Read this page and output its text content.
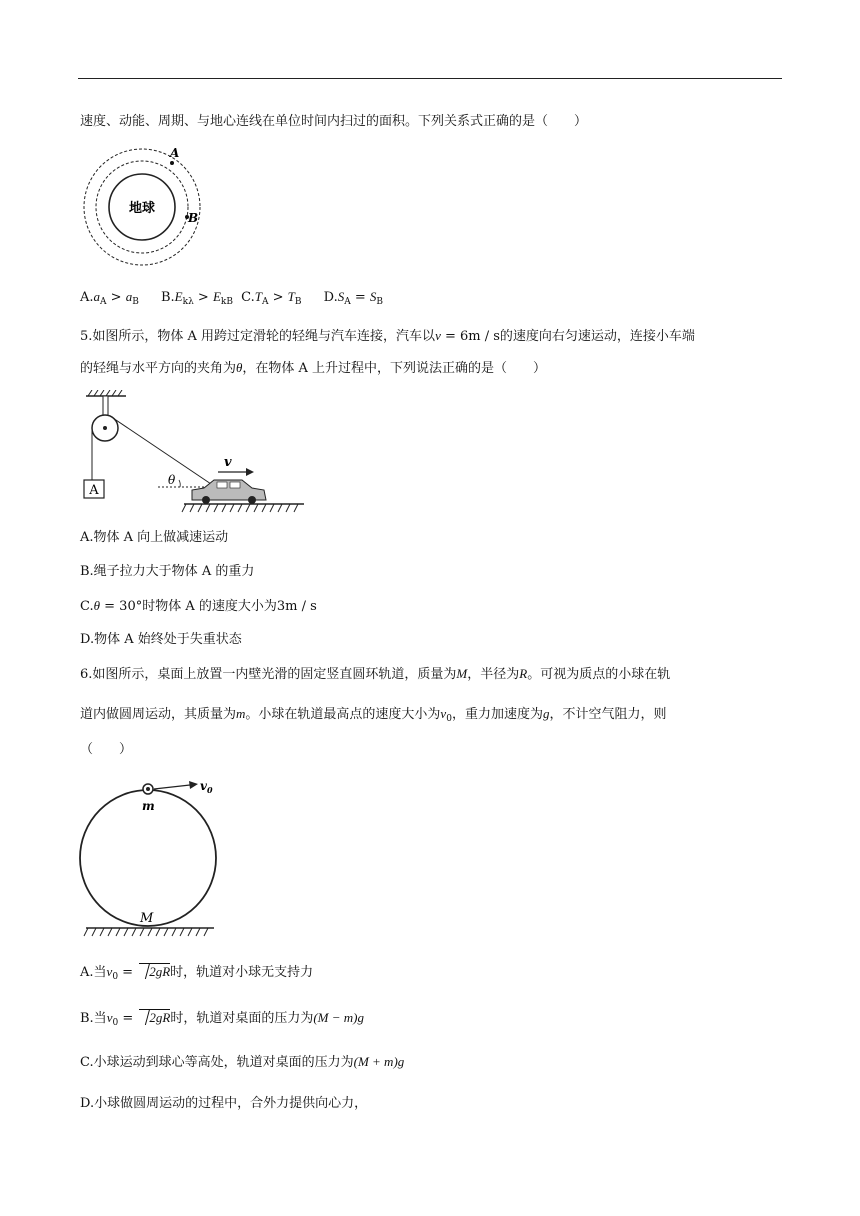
速度、动能、周期、与地心连线在单位时间内扫过的面积。下列关系式正确的是（　　）
地球
A
B
$A.a_A > a_B$ $B.E_{k\lambda} > E_{kB}$ $C.T_A > T_B$ $D.S_A = S_B$
5.如图所示，物体 A 用跨过定滑轮的轻绳与汽车连接，汽车以v = 6m / s的速度向右匀速运动，连接小车端
的轻绳与水平方向的夹角为θ，在物体 A 上升过程中，下列说法正确的是（　　）
A
θ
v
A.物体 A 向上做减速运动
B.绳子拉力大于物体 A 的重力
C.θ = 30°时物体 A 的速度大小为3m / s
D.物体 A 始终处于失重状态
6.如图所示，桌面上放置一内壁光滑的固定竖直圆环轨道，质量为M，半径为R。可视为质点的小球在轨
道内做圆周运动，其质量为m。小球在轨道最高点的速度大小为$v_0$，重力加速度为g，不计空气阻力，则
（　　）
m
$v_0$
M
A.当$v_0 = 2gR$时，轨道对小球无支持力
B.当$v_0 = 2gR$时，轨道对桌面的压力为(M − m)g
C.小球运动到球心等高处，轨道对桌面的压力为(M + m)g
D.小球做圆周运动的过程中，合外力提供向心力，
